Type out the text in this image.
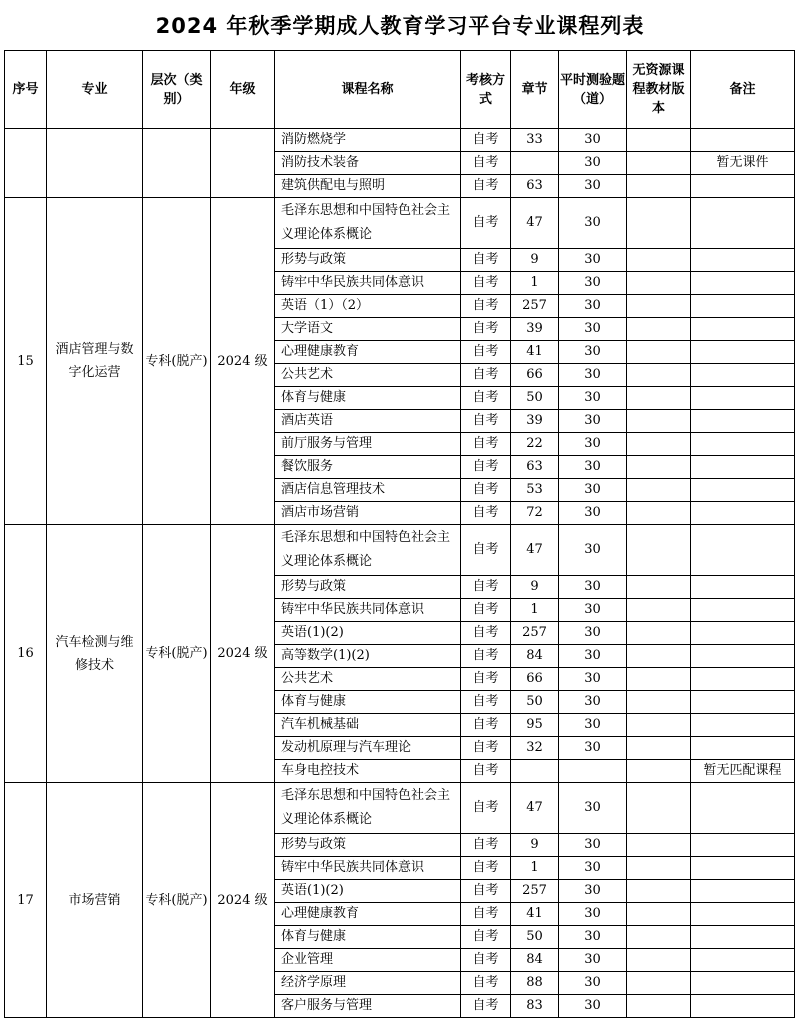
2024 年秋季学期成人教育学习平台专业课程列表
序号	专业	层次（类别）	年级	课程名称	考核方式	章节	平时测验题（道）	无资源课程教材版本	备注
				消防燃烧学	自考	33	30		
				消防技术装备	自考		30		暂无课件
				建筑供配电与照明	自考	63	30		
15	酒店管理与数字化运营	专科(脱产)	2024 级	毛泽东思想和中国特色社会主义理论体系概论	自考	47	30		
				形势与政策	自考	9	30		
				铸牢中华民族共同体意识	自考	1	30		
				英语（1）（2）	自考	257	30		
				大学语文	自考	39	30		
				心理健康教育	自考	41	30		
				公共艺术	自考	66	30		
				体育与健康	自考	50	30		
				酒店英语	自考	39	30		
				前厅服务与管理	自考	22	30		
				餐饮服务	自考	63	30		
				酒店信息管理技术	自考	53	30		
				酒店市场营销	自考	72	30		
16	汽车检测与维修技术	专科(脱产)	2024 级	毛泽东思想和中国特色社会主义理论体系概论	自考	47	30		
				形势与政策	自考	9	30		
				铸牢中华民族共同体意识	自考	1	30		
				英语(1)(2)	自考	257	30		
				高等数学(1)(2)	自考	84	30		
				公共艺术	自考	66	30		
				体育与健康	自考	50	30		
				汽车机械基础	自考	95	30		
				发动机原理与汽车理论	自考	32	30		
				车身电控技术	自考				暂无匹配课程
17	市场营销	专科(脱产)	2024 级	毛泽东思想和中国特色社会主义理论体系概论	自考	47	30		
				形势与政策	自考	9	30		
				铸牢中华民族共同体意识	自考	1	30		
				英语(1)(2)	自考	257	30		
				心理健康教育	自考	41	30		
				体育与健康	自考	50	30		
				企业管理	自考	84	30		
				经济学原理	自考	88	30		
				客户服务与管理	自考	83	30		
